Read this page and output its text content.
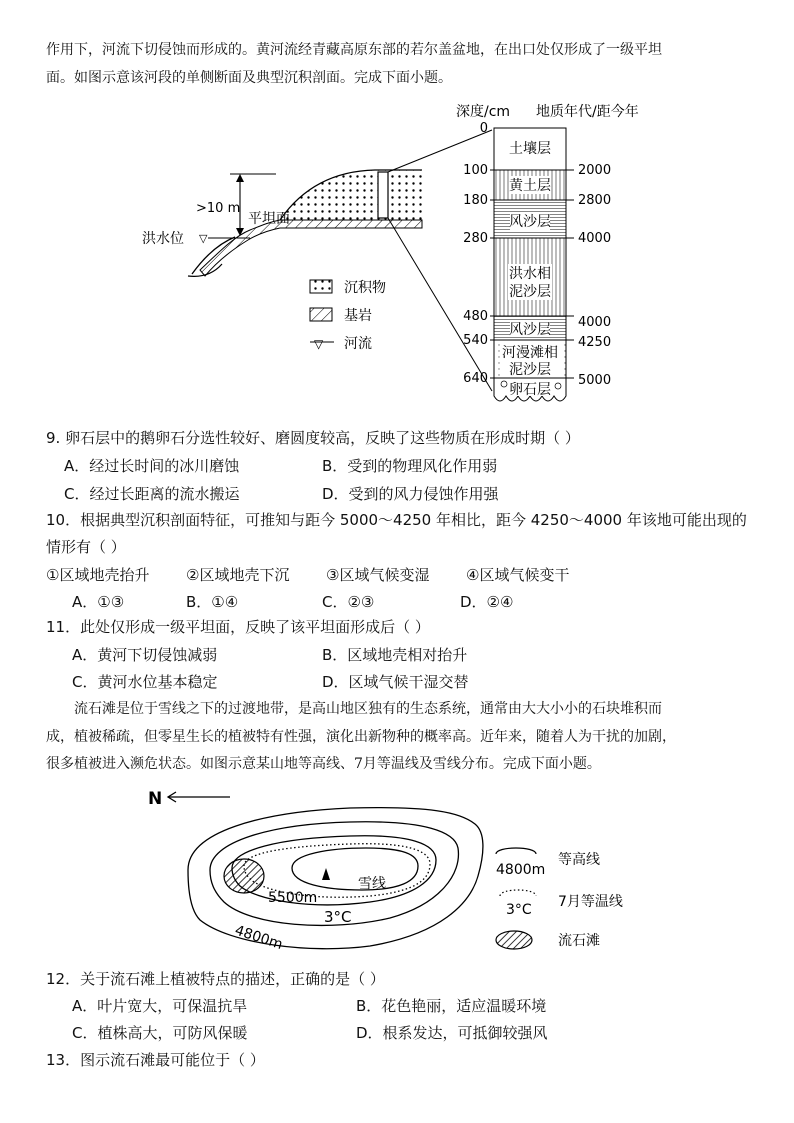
作用下，河流下切侵蚀而形成的。黄河流经青藏高原东部的若尔盖盆地，在出口处仅形成了一级平坦
面。如图示意该河段的单侧断面及典型沉积剖面。完成下面小题。
深度/cm 地质年代/距今年
▽
洪水位
>10 m
平坦面
沉积物
基岩
▽ 河流
土壤层
黄土层
风沙层
洪水相
泥沙层
风沙层
河漫滩相
泥沙层
卵石层
0
100
180
280
480
540
640
2000
2800
4000
4000
4250
5000
9. 卵石层中的鹅卵石分选性较好、磨圆度较高，反映了这些物质在形成时期（ ）
A．经过长时间的冰川磨蚀	B．受到的物理风化作用弱
C．经过长距离的流水搬运	D．受到的风力侵蚀作用强
10．根据典型沉积剖面特征，可推知与距今 5000～4250 年相比，距今 4250～4000 年该地可能出现的
情形有（ ）
①区域地壳抬升 ②区域地壳下沉 ③区域气候变湿 ④区域气候变干
A．①③	B．①④	C．②③	D．②④
11．此处仅形成一级平坦面，反映了该平坦面形成后（ ）
A．黄河下切侵蚀减弱	B．区域地壳相对抬升
C．黄河水位基本稳定	D．区域气候干湿交替
流石滩是位于雪线之下的过渡地带，是高山地区独有的生态系统，通常由大大小小的石块堆积而
成，植被稀疏，但零星生长的植被特有性强，演化出新物种的概率高。近年来，随着人为干扰的加剧，
很多植被进入濒危状态。如图示意某山地等高线、7月等温线及雪线分布。完成下面小题。
N
雪线
5500m
3°C
4800m
4800m
等高线
3°C 7月等温线
流石滩
12．关于流石滩上植被特点的描述，正确的是（ ）
A．叶片宽大，可保温抗旱	B．花色艳丽，适应温暖环境
C．植株高大，可防风保暖	D．根系发达，可抵御较强风
13．图示流石滩最可能位于（ ）
